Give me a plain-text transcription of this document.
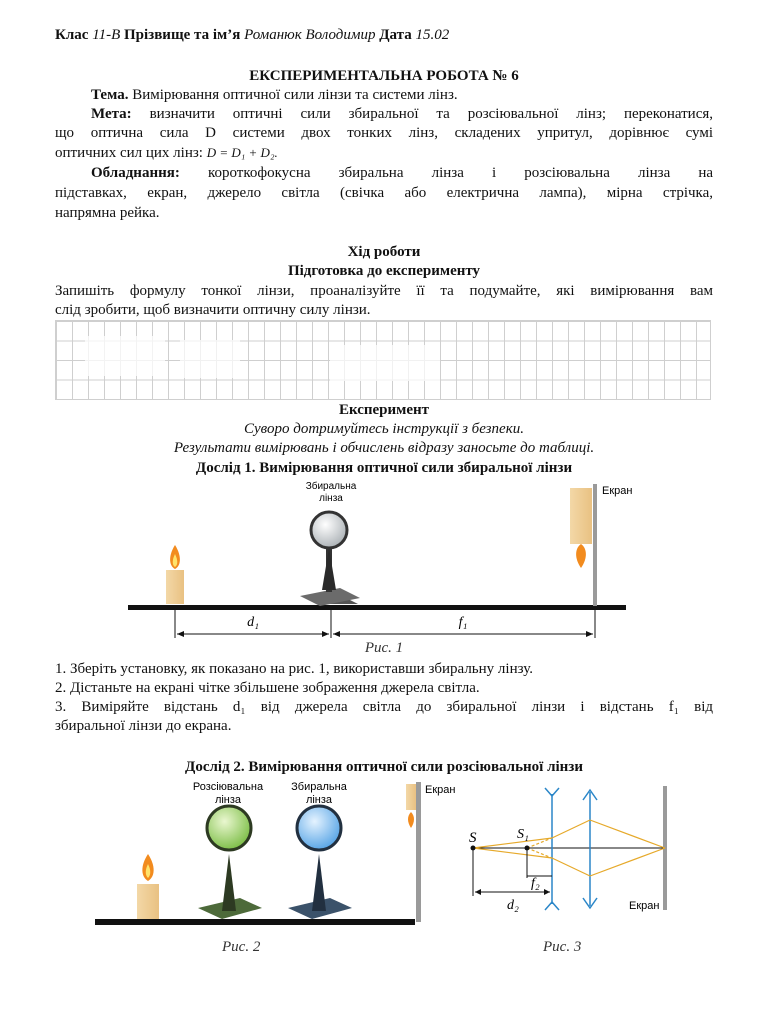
Клас 11-В Прізвище та ім’я Романюк Володимир Дата 15.02
ЕКСПЕРИМЕНТАЛЬНА РОБОТА № 6
Тема. Вимірювання оптичної сили лінзи та системи лінз.
Мета: визначити оптичні сили збиральної та розсіювальної лінз; переконатися,
що оптична сила D системи двох тонких лінз, складених упритул, дорівнює сумі
оптичних сил цих лінз: D = D₁ + D₂.
Обладнання: короткофокусна збиральна лінза і розсіювальна лінза на
підставках, екран, джерело світла (свічка або електрична лампа), мірна стрічка,
напрямна рейка.
Хід роботи
Підготовка до експерименту
Запишіть формулу тонкої лінзи, проаналізуйте її та подумайте, які вимірювання вам
слід зробити, щоб визначити оптичну силу лінзи.
Експеримент
Суворо дотримуйтесь інструкції з безпеки.
Результати вимірювань і обчислень відразу заносьте до таблиці.
Дослід 1. Вимірювання оптичної сили збиральної лінзи
Збиральна
лінза
Екран
d₁	f₁
Рис. 1
1. Зберіть установку, як показано на рис. 1, використавши збиральну лінзу.
2. Дістаньте на екрані чітке збільшене зображення джерела світла.
3. Виміряйте відстань d₁ від джерела світла до збиральної лінзи і відстань f₁ від
збиральної лінзи до екрана.
Дослід 2. Вимірювання оптичної сили розсіювальної лінзи
Розсіювальна
лінза
Збиральна
лінза
Екран
S	S₁
f₂
d₂	Екран
Рис. 2	Рис. 3
